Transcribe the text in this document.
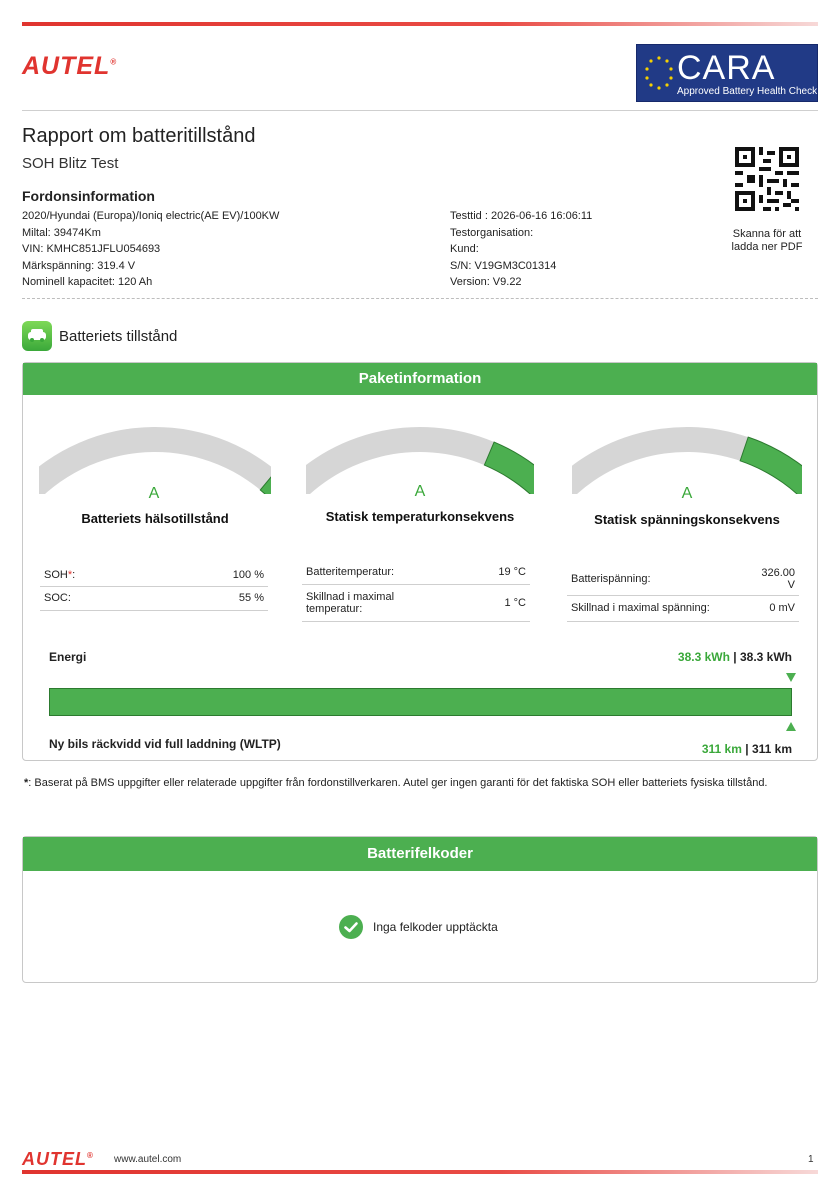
AUTEL®	CARA
Approved Battery Health Check
Rapport om batteritillstånd
SOH Blitz Test
Fordonsinformation
2020/Hyundai (Europa)/Ioniq electric(AE EV)/100KW
Miltal: 39474Km
VIN: KMHC851JFLU054693
Märkspänning: 319.4 V
Nominell kapacitet: 120 Ah
Testtid : 2026-06-16 16:06:11
Testorganisation:
Kund:
S/N: V19GM3C01314
Version: V9.22
Skanna för att
ladda ner PDF
Batteriets tillstånd
Paketinformation
A	A	A
Batteriets hälsotillstånd	Statisk temperaturkonsekvens	Statisk spänningskonsekvens
SOH*:	100 %
SOC:	55 %
Batteritemperatur:	19 °C

Skillnad i maximal
temperatur:	1 °C
Batterispänning:	326.00
V

Skillnad i maximal spänning:	0 mV
Energi	38.3 kWh | 38.3 kWh
Ny bils räckvidd vid full laddning (WLTP)	311 km | 311 km
*: Baserat på BMS uppgifter eller relaterade uppgifter från fordonstillverkaren. Autel ger ingen garanti för det faktiska SOH eller batteriets fysiska tillstånd.
Batterifelkoder
Inga felkoder upptäckta
AUTEL® www.autel.com	1
